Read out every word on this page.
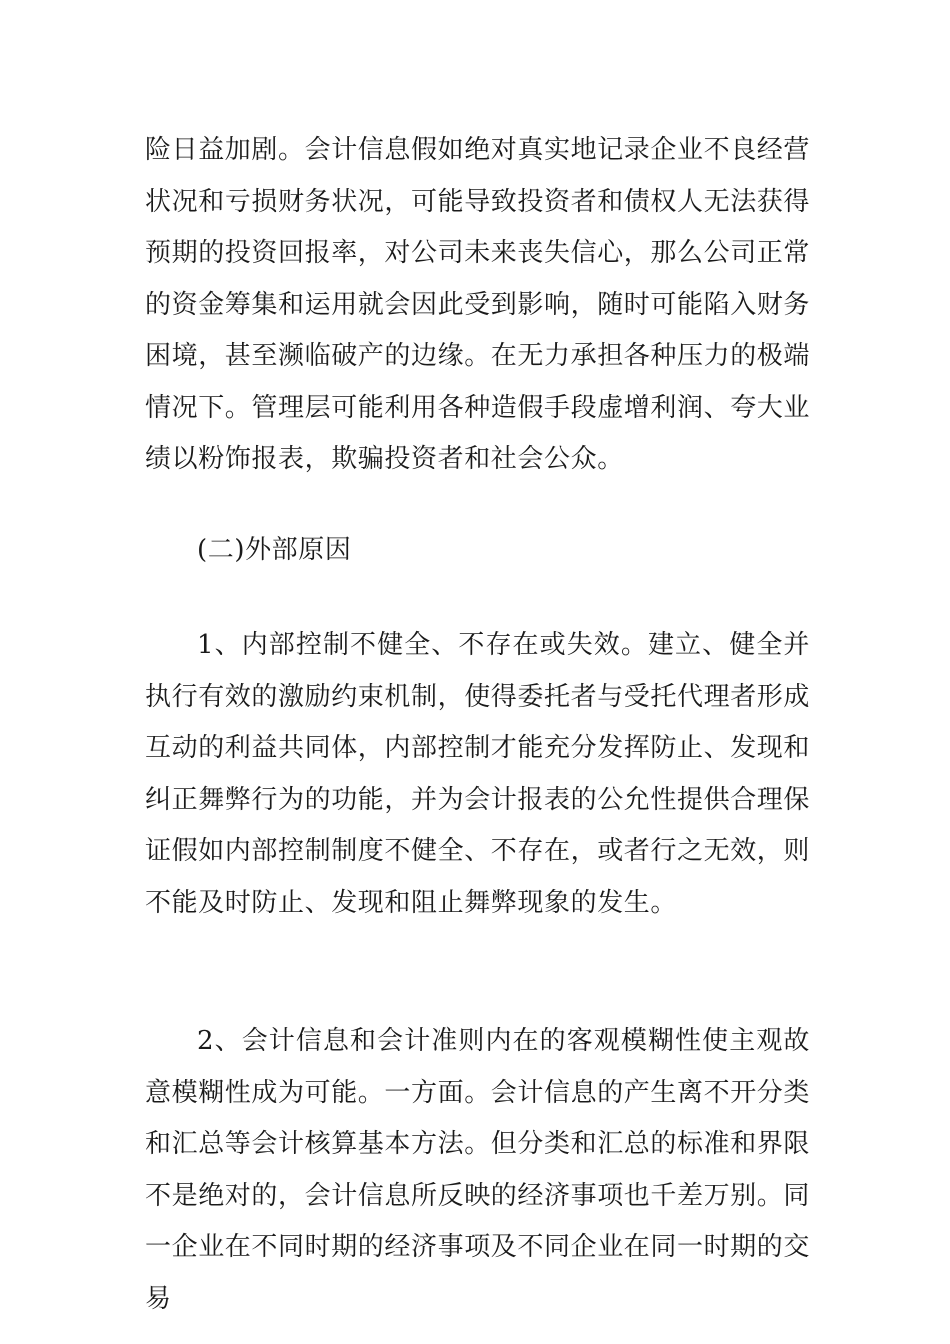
险日益加剧。会计信息假如绝对真实地记录企业不良经营状况和亏损财务状况，可能导致投资者和债权人无法获得预期的投资回报率，对公司未来丧失信心，那么公司正常的资金筹集和运用就会因此受到影响，随时可能陷入财务困境，甚至濒临破产的边缘。在无力承担各种压力的极端情况下。管理层可能利用各种造假手段虚增利润、夸大业绩以粉饰报表，欺骗投资者和社会公众。

(二)外部原因

1、内部控制不健全、不存在或失效。建立、健全并执行有效的激励约束机制，使得委托者与受托代理者形成互动的利益共同体，内部控制才能充分发挥防止、发现和纠正舞弊行为的功能，并为会计报表的公允性提供合理保证假如内部控制制度不健全、不存在，或者行之无效，则不能及时防止、发现和阻止舞弊现象的发生。

2、会计信息和会计准则内在的客观模糊性使主观故意模糊性成为可能。一方面。会计信息的产生离不开分类和汇总等会计核算基本方法。但分类和汇总的标准和界限不是绝对的，会计信息所反映的经济事项也千差万别。同一企业在不同时期的经济事项及不同企业在同一时期的交易
